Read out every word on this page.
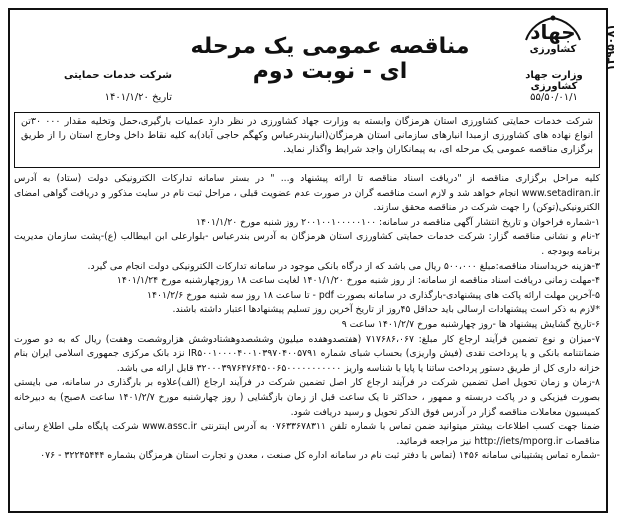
۱۳۹۵۰۸۱
جهاد
کشاورزی
وزارت جهاد کشاورزی
۵۵/۵۰/۰۱/۱
مناقصه عمومی یک مرحله ای - نوبت دوم
شرکت خدمات حمایتی
تاریخ ۱۴۰۱/۱/۲۰
شرکت خدمات حمایتی کشاورزی استان هرمزگان وابسته به وزارت جهاد کشاورزی در نظر دارد عملیات بارگیری،حمل وتخلیه مقدار ۰۰۰ ۳۰تن انواع نهاده های کشاورزی ازمبدا انبارهای سازمانی استان هرمزگان(انباربندرعباس وکهگم حاجی آباد)به کلیه نقاط داخل وخارج استان را از طریق برگزاری مناقصه عمومی یک مرحله ای، به پیمانکاران واجد شرایط واگذار نماید.

کلیه مراحل برگزاری مناقصه از "دریافت اسناد مناقصه تا ارائه پیشنهاد و... " در بستر سامانه تدارکات الکترونیکی دولت (ستاد) به آدرس www.setadiran.ir انجام خواهد شد و لازم است مناقصه گران در صورت عدم عضویت قبلی ، مراحل ثبت نام در سایت مذکور و دریافت گواهی امضای الکترونیکی(توکن) را جهت شرکت در مناقصه محقق سازند.

۱-شماره فراخوان و تاریخ انتشار آگهی مناقصه در سامانه: ۲۰۰۱۰۰۱۰۰۰۰۰۱۰۰ روز شنبه مورخ ۱۴۰۱/۱/۲۰

۲-نام و نشانی مناقصه گزار: شرکت خدمات حمایتی کشاورزی استان هرمزگان به آدرس بندرعباس -بلوارعلی ابن ابیطالب (ع)-پشت سازمان مدیریت برنامه وبودجه .

۳-هزینه خریداسناد مناقصه:مبلغ ۵۰۰،۰۰۰ ریال می باشد که از درگاه بانکی موجود در سامانه تدارکات الکترونیکی دولت انجام می گیرد.

۴-مهلت زمانی دریافت اسناد مناقصه از سامانه: از روز شنبه مورخ ۱۴۰۱/۱/۲۰ لغایت ساعت ۱۸ روزچهارشنبه مورخ ۱۴۰۱/۱/۲۴

۵-آخرین مهلت ارائه پاکت های پیشنهادی-بارگذاری در سامانه بصورت pdf - تا ساعت ۱۸ روز سه شنبه مورخ ۱۴۰۱/۲/۶

*لازم به ذکر است پیشنهادات ارسالی باید حداقل ۴۵روز از تاریخ آخرین روز تسلیم پیشنهادها اعتبار داشته باشند.

۶-تاریخ گشایش پیشنهاد ها -روز چهارشنبه مورخ ۱۴۰۱/۲/۷ ساعت ۹

۷-میزان و نوع تضمین فرآیند ارجاع کار مبلغ: ۷۱۷۶۸۶،۰۶۷ (هفتصدوهفده میلیون وششصدوهشتادوشش هزاروشصت وهفت) ریال که به دو صورت ضمانتنامه بانکی و یا پرداخت نقدی (فیش واریزی) بحساب شبای شماره IR۵۰۰۱۰۰۰۰۴۰۰۱۰۳۹۷۰۴۰۰۵۷۹۱ نزد بانک مرکزی جمهوری اسلامی ایران بنام خزانه داری کل از طریق دستور پرداخت ساتنا یا پایا با شناسه واریز ۳۲۰۰۰۳۹۷۶۴۷۶۴۵۰۰۶۵۰۰۰۰۰۰۰۰۰۰۰ قابل ارائه می باشد.

۸-زمان و زمان تحویل اصل تضمین شرکت در فرآیند ارجاع کار اصل تضمین شرکت در فرآیند ارجاع (الف)علاوه بر بارگذاری در سامانه، می بایستی بصورت فیزیکی و در پاکت دربسته و ممهور ، حداکثر تا یک ساعت قبل از زمان بازگشایی ( روز چهارشنبه مورخ ۱۴۰۱/۲/۷ ساعت ۸صبح) به دبیرخانه کمیسیون معاملات مناقصه گزار در آدرس فوق الذکر تحویل و رسید دریافت شود.

ضمنا جهت کسب اطلاعات بیشتر میتوانید ضمن تماس با شماره تلفن ۰۷۶۳۳۶۷۸۳۱۱ به آدرس اینترنتی www.assc.ir شرکت پایگاه ملی اطلاع رسانی مناقصات http://iets/mporg.ir نیز مراجعه فرمائید.

-شماره تماس پشتیبانی سامانه ۱۴۵۶ (تماس با دفتر ثبت نام در سامانه اداره کل صنعت ، معدن و تجارت استان هرمزگان بشماره ۳۲۲۴۵۴۴۴ - ۰۷۶
